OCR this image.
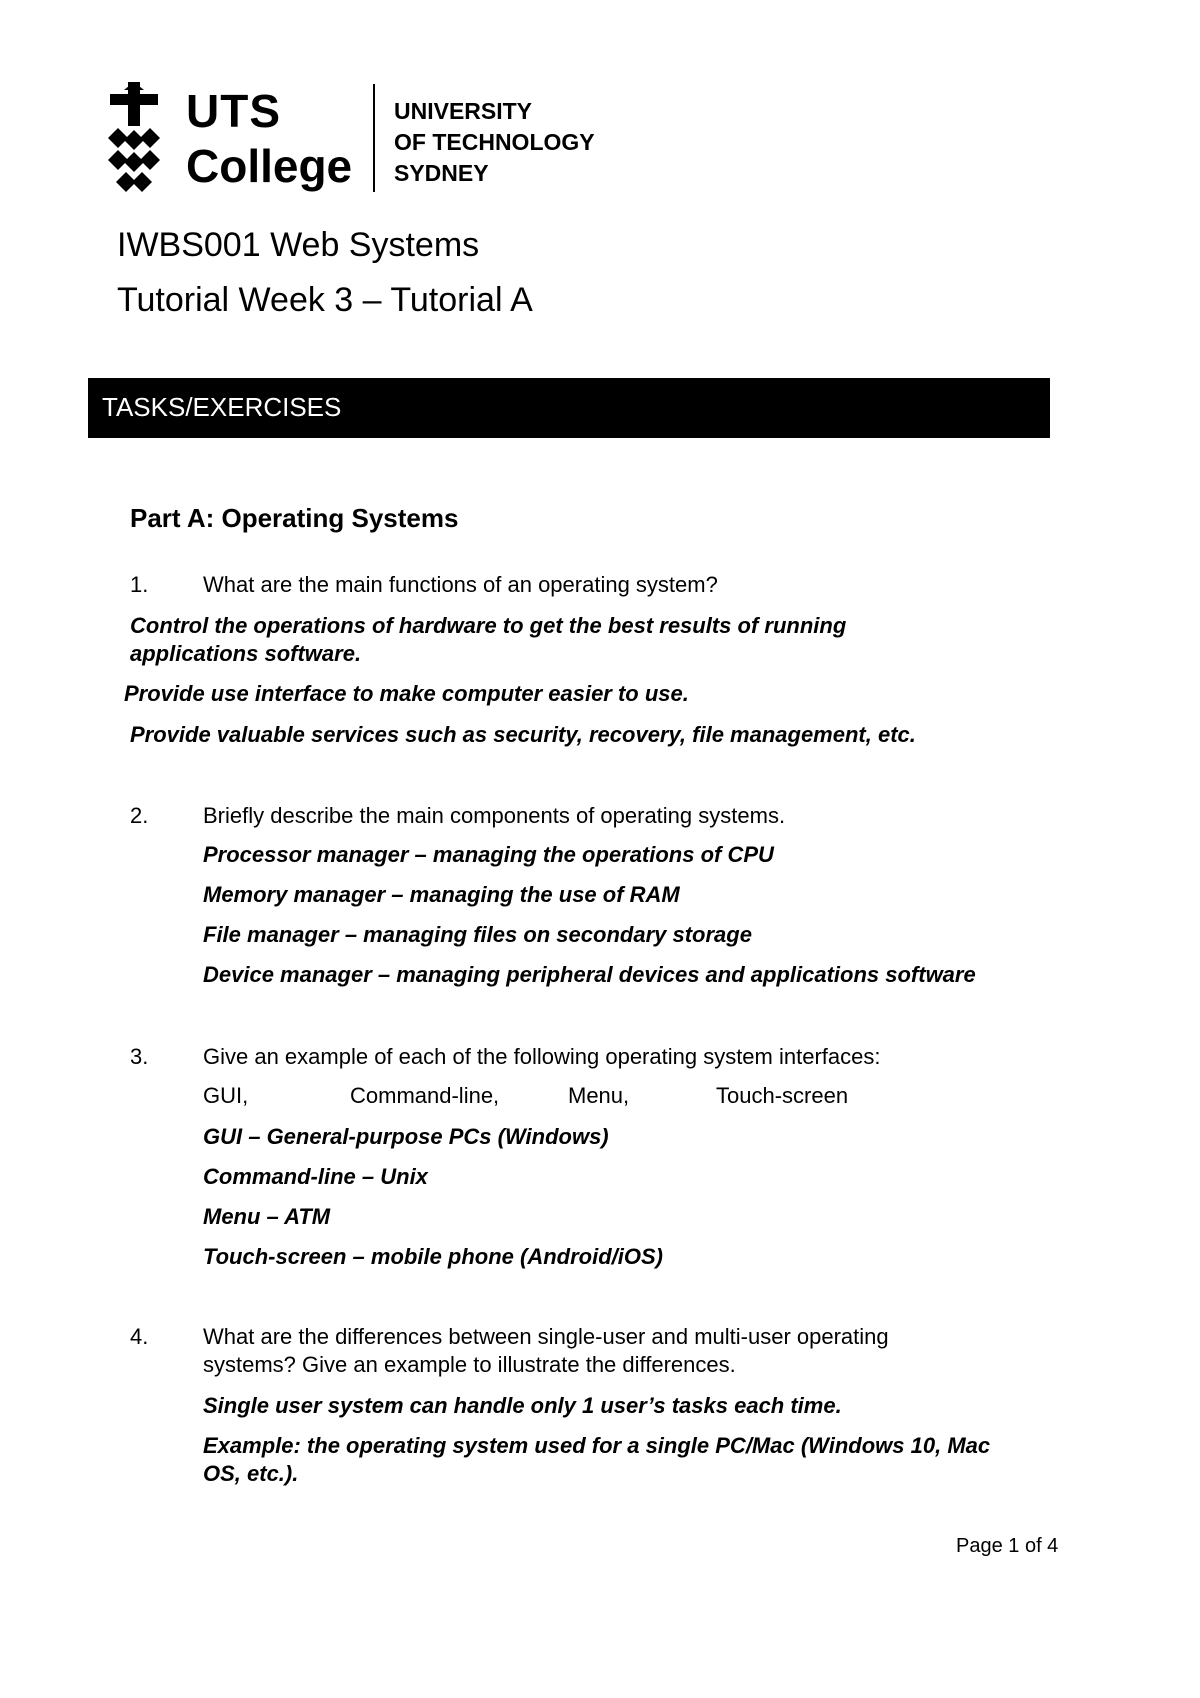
UTS
College
UNIVERSITY
OF TECHNOLOGY
SYDNEY
IWBS001 Web Systems
Tutorial Week 3 – Tutorial A
TASKS/EXERCISES
Part A: Operating Systems
1. What are the main functions of an operating system?
Control the operations of hardware to get the best results of running applications software.
Provide use interface to make computer easier to use.
Provide valuable services such as security, recovery, file management, etc.
2. Briefly describe the main components of operating systems.
Processor manager – managing the operations of CPU
Memory manager – managing the use of RAM
File manager – managing files on secondary storage
Device manager – managing peripheral devices and applications software
3. Give an example of each of the following operating system interfaces:
GUI,	Command-line,	Menu,	Touch-screen
GUI – General-purpose PCs (Windows)
Command-line – Unix
Menu – ATM
Touch-screen – mobile phone (Android/iOS)
4. What are the differences between single-user and multi-user operating systems? Give an example to illustrate the differences.
Single user system can handle only 1 user’s tasks each time.
Example: the operating system used for a single PC/Mac (Windows 10, Mac OS, etc.).
Page 1 of 4
